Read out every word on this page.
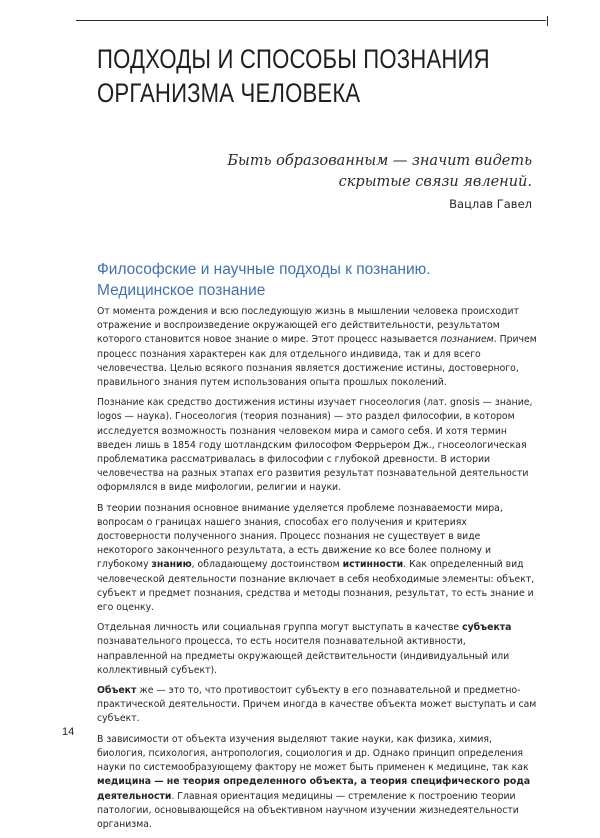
ПОДХОДЫ И СПОСОБЫ ПОЗНАНИЯ
ОРГАНИЗМА ЧЕЛОВЕКА
Быть образованным — значит видеть
скрытые связи явлений.
Вацлав Гавел
Философские и научные подходы к познанию.
Медицинское познание

От момента рождения и всю последующую жизнь в мышлении человека происходит отражение и воспроизведение окружающей его действительности, результатом которого становится новое знание о мире. Этот процесс называется познанием. Причем процесс познания характерен как для отдельного индивида, так и для всего человечества. Целью всякого познания является достижение истины, достоверного, правильного знания путем использования опыта прошлых поколений.

Познание как средство достижения истины изучает гносеология (лат. gnosis — знание, logos — наука). Гносеология (теория познания) — это раздел философии, в котором исследуется возможность познания человеком мира и самого себя. И хотя термин введен лишь в 1854 году шотландским философом Феррьером Дж., гносеологическая проблематика рассматривалась в философии с глубокой древности. В истории человечества на разных этапах его развития результат познавательной деятельности оформлялся в виде мифологии, религии и науки.

В теории познания основное внимание уделяется проблеме познаваемости мира, вопросам о границах нашего знания, способах его получения и критериях достоверности полученного знания. Процесс познания не существует в виде некоторого законченного результата, а есть движение ко все более полному и глубокому знанию, обладающему достоинством истинности. Как определенный вид человеческой деятельности познание включает в себя необходимые элементы: объект, субъект и предмет познания, средства и методы познания, результат, то есть знание и его оценку.

Отдельная личность или социальная группа могут выступать в качестве субъекта познавательного процесса, то есть носителя познавательной активности, направленной на предметы окружающей действительности (индивидуальный или коллективный субъект).

Объект же — это то, что противостоит субъекту в его познавательной и предметно-практической деятельности. Причем иногда в качестве объекта может выступать и сам субъект.

В зависимости от объекта изучения выделяют такие науки, как физика, химия, биология, психология, антропология, социология и др. Однако принцип определения науки по системообразующему фактору не может быть применен к медицине, так как медицина — не теория определенного объекта, а теория специфического рода деятельности. Главная ориентация медицины — стремление к построению теории патологии, основывающейся на объективном научном изучении жизнедеятельности организма.

14
